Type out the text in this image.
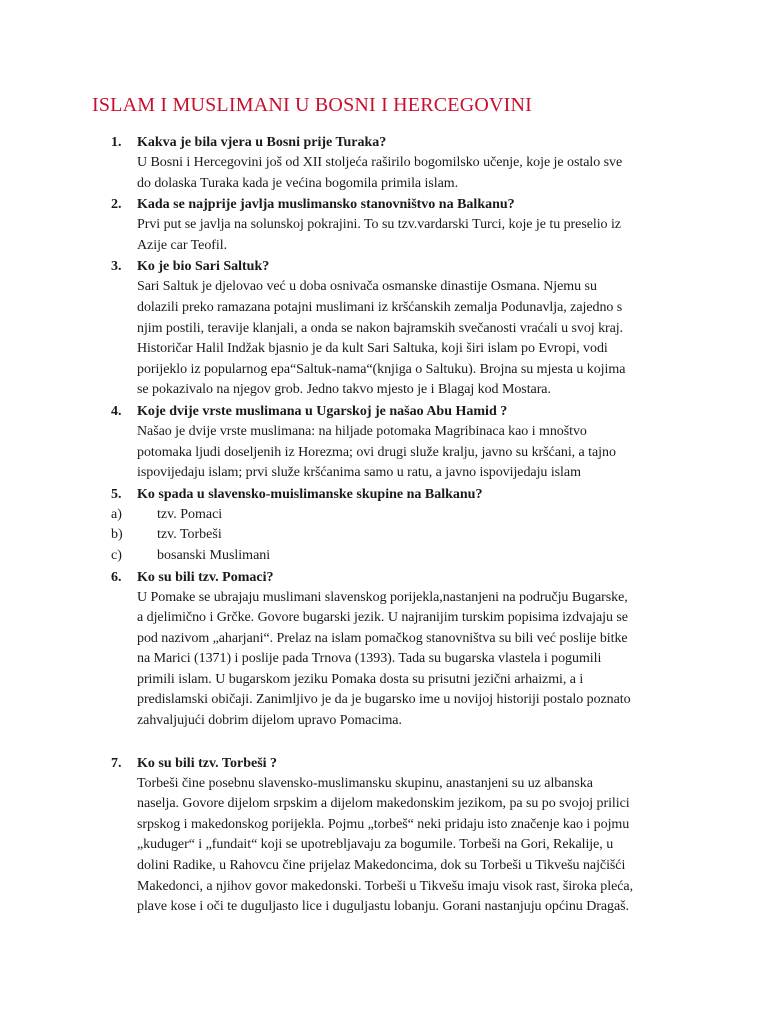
ISLAM I MUSLIMANI U BOSNI I HERCEGOVINI
1. Kakva je bila vjera u Bosni prije Turaka?
U Bosni i Hercegovini još od XII stoljeća raširilo bogomilsko učenje, koje je ostalo sve
do dolaska Turaka kada je većina bogomila primila islam.
2. Kada se najprije javlja muslimansko stanovništvo na Balkanu?
Prvi put se javlja na solunskoj pokrajini. To su tzv.vardarski Turci, koje je tu preselio iz
Azije car Teofil.
3. Ko je bio Sari Saltuk?
Sari Saltuk je djelovao već u doba osnivača osmanske dinastije Osmana. Njemu su
dolazili preko ramazana potajni muslimani iz kršćanskih zemalja Podunavlja, zajedno s
njim postili, teravije klanjali, a onda se nakon bajramskih svečanosti vraćali u svoj kraj.
Historičar Halil Indžak bjasnio je da kult Sari Saltuka, koji širi islam po Evropi, vodi
porijeklo iz popularnog epa“Saltuk-nama“(knjiga o Saltuku). Brojna su mjesta u kojima
se pokazivalo na njegov grob. Jedno takvo mjesto je i Blagaj kod Mostara.
4. Koje dvije vrste muslimana u Ugarskoj je našao Abu Hamid ?
Našao je dvije vrste muslimana: na hiljade potomaka Magribinaca kao i mnoštvo
potomaka ljudi doseljenih iz Horezma; ovi drugi služe kralju, javno su kršćani, a tajno
ispovijedaju islam; prvi služe kršćanima samo u ratu, a javno ispovijedaju islam
5. Ko spada u slavensko-muislimanske skupine na Balkanu?
a)	tzv. Pomaci
b) tzv. Torbeši
c)	bosanski Muslimani
6. Ko su bili tzv. Pomaci?
U Pomake se ubrajaju muslimani slavenskog porijekla,nastanjeni na području Bugarske,
a djelimično i Grčke. Govore bugarski jezik. U najranijim turskim popisima izdvajaju se
pod nazivom „aharjani“. Prelaz na islam pomačkog stanovništva su bili već poslije bitke
na Marici (1371) i poslije pada Trnova (1393). Tada su bugarska vlastela i pogumili
primili islam. U bugarskom jeziku Pomaka dosta su prisutni jezični arhaizmi, a i
predislamski običaji. Zanimljivo je da je bugarsko ime u novijoj historiji postalo poznato
zahvaljujući dobrim dijelom upravo Pomacima.
7. Ko su bili tzv. Torbeši ?
Torbeši čine posebnu slavensko-muslimansku skupinu, anastanjeni su uz albanska
naselja. Govore dijelom srpskim a dijelom makedonskim jezikom, pa su po svojoj prilici
srpskog i makedonskog porijekla. Pojmu „torbeš“ neki pridaju isto značenje kao i pojmu
„kuduger“ i „fundait“ koji se upotrebljavaju za bogumile. Torbeši na Gori, Rekalije, u
dolini Radike, u Rahovcu čine prijelaz Makedoncima, dok su Torbeši u Tikvešu najčišći
Makedonci, a njihov govor makedonski. Torbeši u Tikvešu imaju visok rast, široka pleća,
plave kose i oči te duguljasto lice i duguljastu lobanju. Gorani nastanjuju općinu Dragaš.
